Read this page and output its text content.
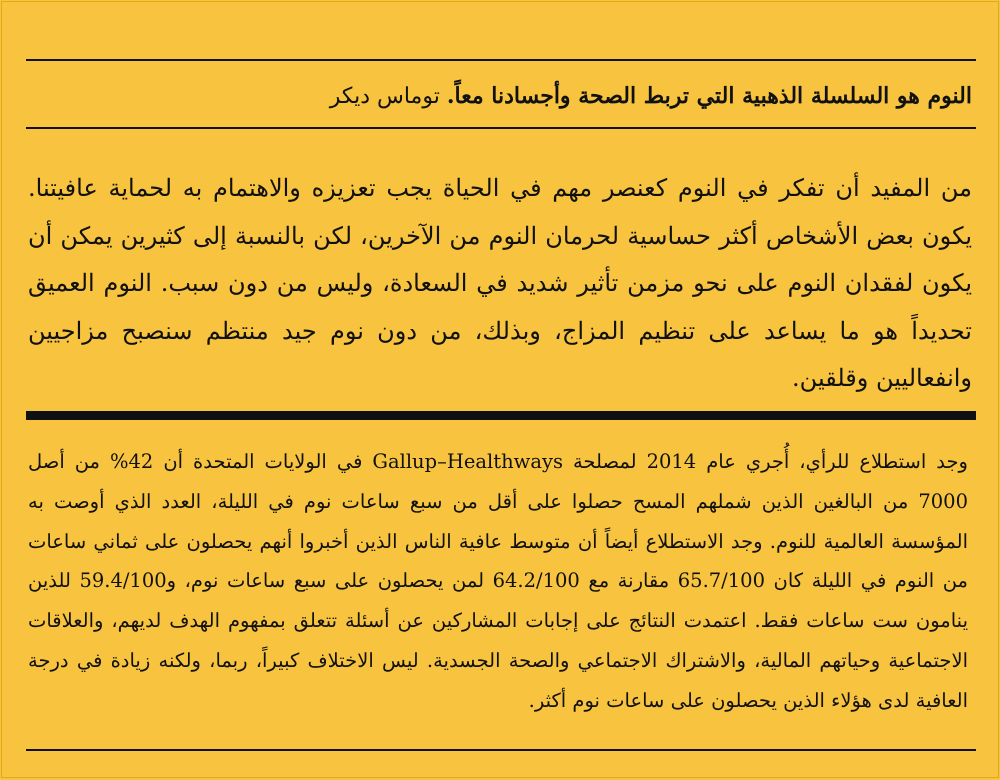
النوم هو السلسلة الذهبية التي تربط الصحة وأجسادنا معاً. توماس ديكر
من المفيد أن تفكر في النوم كعنصر مهم في الحياة يجب تعزيزه والاهتمام به لحماية عافيتنا. يكون بعض الأشخاص أكثر حساسية لحرمان النوم من الآخرين، لكن بالنسبة إلى كثيرين يمكن أن يكون لفقدان النوم على نحو مزمن تأثير شديد في السعادة، وليس من دون سبب. النوم العميق تحديداً هو ما يساعد على تنظيم المزاج، وبذلك، من دون نوم جيد منتظم سنصبح مزاجيين وانفعاليين وقلقين.
وجد استطلاع للرأي، أُجري عام 2014 لمصلحة Gallup–Healthways في الولايات المتحدة أن 42% من أصل 7000 من البالغين الذين شملهم المسح حصلوا على أقل من سبع ساعات نوم في الليلة، العدد الذي أوصت به المؤسسة العالمية للنوم. وجد الاستطلاع أيضاً أن متوسط عافية الناس الذين أخبروا أنهم يحصلون على ثماني ساعات من النوم في الليلة كان 65.7/100 مقارنة مع 64.2/100 لمن يحصلون على سبع ساعات نوم، و59.4/100 للذين ينامون ست ساعات فقط. اعتمدت النتائج على إجابات المشاركين عن أسئلة تتعلق بمفهوم الهدف لديهم، والعلاقات الاجتماعية وحياتهم المالية، والاشتراك الاجتماعي والصحة الجسدية. ليس الاختلاف كبيراً، ربما، ولكنه زيادة في درجة العافية لدى هؤلاء الذين يحصلون على ساعات نوم أكثر.
